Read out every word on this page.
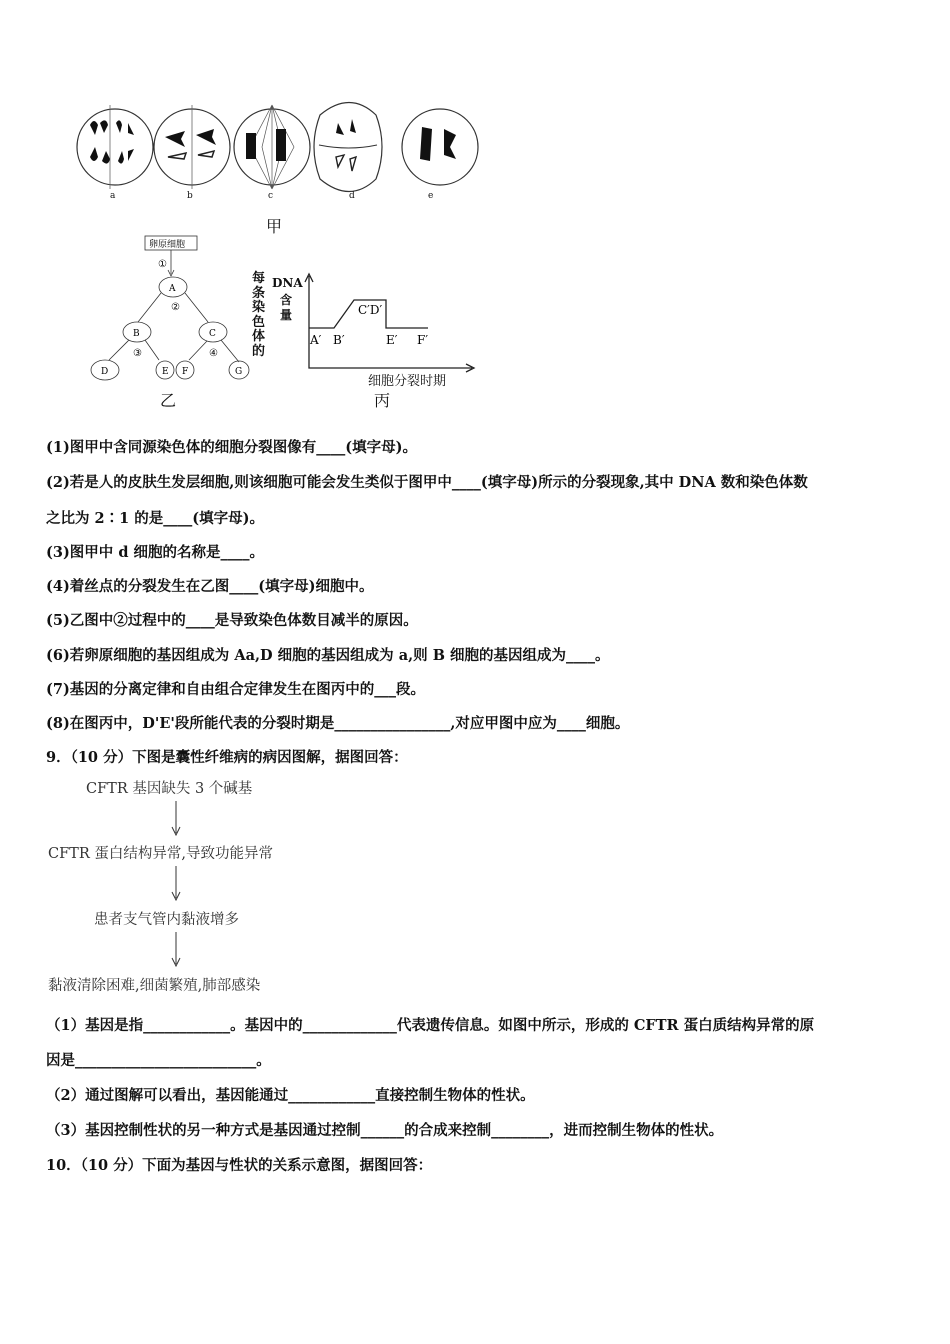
a	b	c	d	e
甲
卵原细胞
①
②
③	④
A
B	C
D	E F	G
乙
每条染色体的
DNA
含量
A′ B′
C′D′
E′ F′
细胞分裂时期
丙
(1)图甲中含同源染色体的细胞分裂图像有____(填字母)。
(2)若是人的皮肤生发层细胞,则该细胞可能会发生类似于图甲中____(填字母)所示的分裂现象,其中 DNA 数和染色体数
之比为 2∶1 的是____(填字母)。
(3)图甲中 d 细胞的名称是____。
(4)着丝点的分裂发生在乙图____(填字母)细胞中。
(5)乙图中②过程中的____是导致染色体数目减半的原因。
(6)若卵原细胞的基因组成为 Aa,D 细胞的基因组成为 a,则 B 细胞的基因组成为____。
(7)基因的分离定律和自由组合定律发生在图丙中的___段。
(8)在图丙中，D'E'段所能代表的分裂时期是________________,对应甲图中应为____细胞。
9．（10 分）下图是囊性纤维病的病因图解，据图回答：
CFTR 基因缺失 3 个碱基
CFTR 蛋白结构异常,导致功能异常
患者支气管内黏液增多
黏液清除困难,细菌繁殖,肺部感染
（1）基因是指____________。基因中的_____________代表遗传信息。如图中所示，形成的 CFTR 蛋白质结构异常的原
因是_________________________。
（2）通过图解可以看出，基因能通过____________直接控制生物体的性状。
（3）基因控制性状的另一种方式是基因通过控制______的合成来控制________，进而控制生物体的性状。
10．（10 分）下面为基因与性状的关系示意图，据图回答：
